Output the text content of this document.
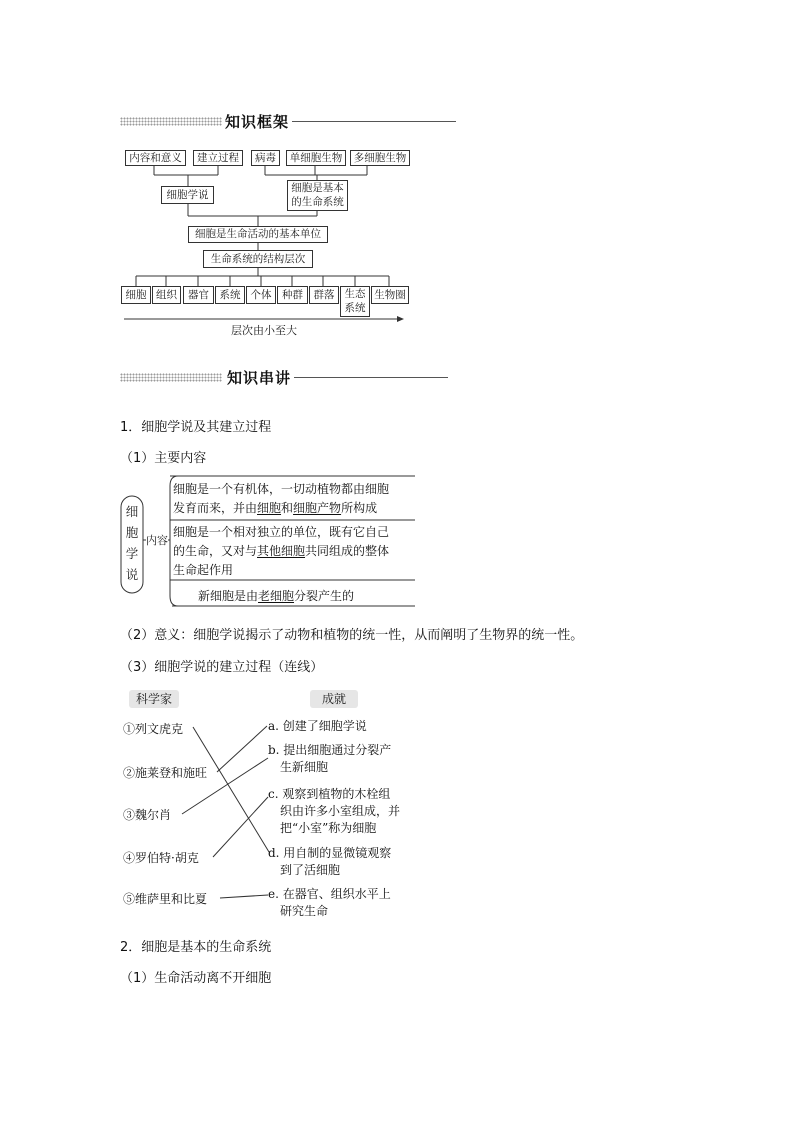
知识框架
内容和意义	建立过程	病毒	单细胞生物	多细胞生物
细胞学说
细胞是基本
的生命系统
细胞是生命活动的基本单位
生命系统的结构层次
细胞 组织	器官	系统 个体	种群	群落 生态
系统
生物圈
层次由小至大
知识串讲
1．细胞学说及其建立过程
（1）主要内容
细
胞
学
说
内容
细胞是一个有机体，一切动植物都由细胞
发育而来，并由细胞和细胞产物所构成
细胞是一个相对独立的单位，既有它自己
的生命，又对与其他细胞共同组成的整体
生命起作用
新细胞是由老细胞分裂产生的
（2）意义：细胞学说揭示了动物和植物的统一性，从而阐明了生物界的统一性。
（3）细胞学说的建立过程（连线）
科学家	成就
①列文虎克
②施莱登和施旺
③魏尔肖
④罗伯特·胡克
⑤维萨里和比夏
a. 创建了细胞学说
b. 提出细胞通过分裂产
生新细胞
c. 观察到植物的木栓组
织由许多小室组成，并
把“小室”称为细胞
d. 用自制的显微镜观察
到了活细胞
e. 在器官、组织水平上
研究生命
2．细胞是基本的生命系统
（1）生命活动离不开细胞
